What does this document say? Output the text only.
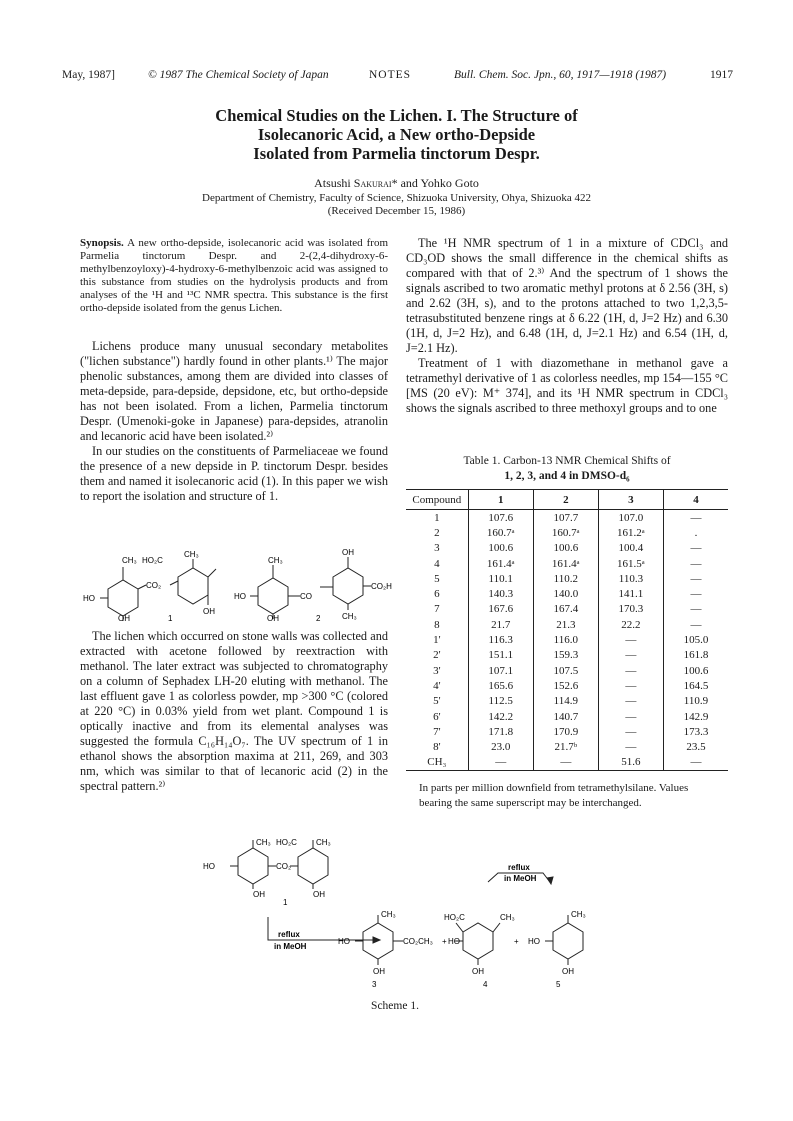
May, 1987]	© 1987 The Chemical Society of Japan	NOTES	Bull. Chem. Soc. Jpn., 60, 1917—1918 (1987)	1917
Chemical Studies on the Lichen. I. The Structure of
Isolecanoric Acid, a New ortho-Depside
Isolated from Parmelia tinctorum Despr.
Atsushi Sakurai* and Yohko Goto
Department of Chemistry, Faculty of Science, Shizuoka University, Ohya, Shizuoka 422
(Received December 15, 1986)
Synopsis. A new ortho-depside, isolecanoric acid was isolated from Parmelia tinctorum Despr. and 2-(2,4-dihydroxy-6-methylbenzoyloxy)-4-hydroxy-6-methylbenzoic acid was assigned to this substance from studies on the hydrolysis products and from analyses of the ¹H and ¹³C NMR spectra. This substance is the first ortho-depside isolated from the genus Lichen.

Lichens produce many unusual secondary metabolites ("lichen substance") hardly found in other plants.¹⁾ The major phenolic substances, among them are divided into classes of meta-depside, para-depside, depsidone, etc, but ortho-depside has not been isolated. From a lichen, Parmelia tinctorum Despr. (Umenoki-goke in Japanese) para-depsides, atranolin and lecanoric acid have been isolated.²⁾

In our studies on the constituents of Parmeliaceae we found the presence of a new depside in P. tinctorum Despr. besides them and named it isolecanoric acid (1). In this paper we wish to report the isolation and structure of 1.

CH₃ HO₂C
CH₃
CO₂
HO
OH
OH
1
CH₃
CO
OH
CO₂H
CH₃
HO
OH	2

The lichen which occurred on stone walls was collected and extracted with acetone followed by reextraction with methanol. The later extract was subjected to chromatography on a column of Sephadex LH-20 eluting with methanol. The last effluent gave 1 as colorless powder, mp >300 °C (colored at 220 °C) in 0.03% yield from wet plant. Compound 1 is optically inactive and from its elemental analyses was suggested the formula C₁₆H₁₄O₇. The UV spectrum of 1 in ethanol shows the absorption maxima at 211, 269, and 303 nm, which was similar to that of lecanoric acid (2) in the spectral pattern.²⁾

The ¹H NMR spectrum of 1 in a mixture of CDCl₃ and CD₃OD shows the small difference in the chemical shifts as compared with that of 2.³⁾ And the spectrum of 1 shows the signals ascribed to two aromatic methyl protons at δ 2.56 (3H, s) and 2.62 (3H, s), and to the protons attached to two 1,2,3,5-tetrasubstituted benzene rings at δ 6.22 (1H, d, J=2 Hz) and 6.30 (1H, d, J=2 Hz), and 6.48 (1H, d, J=2.1 Hz) and 6.54 (1H, d, J=2.1 Hz).

Treatment of 1 with diazomethane in methanol gave a tetramethyl derivative of 1 as colorless needles, mp 154—155 °C [MS (20 eV): M⁺ 374], and its ¹H NMR spectrum in CDCl₃ shows the signals ascribed to three methoxyl groups and to one

Table 1. Carbon-13 NMR Chemical Shifts of
1, 2, 3, and 4 in DMSO-d₆
Compound	1	2	3	4
1	107.6	107.7	107.0	—
2	160.7ᵃ	160.7ᵃ	161.2ᵃ	.
3	100.6	100.6	100.4	—
4	161.4ᵃ	161.4ᵃ	161.5ᵃ	—
5	110.1	110.2	110.3	—
6	140.3	140.0	141.1	—
7	167.6	167.4	170.3	—
8	21.7	21.3	22.2	—
1'	116.3	116.0	—	105.0
2'	151.1	159.3	—	161.8
3'	107.1	107.5	—	100.6
4'	165.6	152.6	—	164.5
5'	112.5	114.9	—	110.9
6'	142.2	140.7	—	142.9
7'	171.8	170.9	—	173.3
8'	23.0	21.7ᵇ	—	23.5
CH₃	—	—	51.6	—
In parts per million downfield from tetramethylsilane. Values bearing the same superscript may be interchanged.
CH₃ HO₂C CH₃
CO₂
HO
OH	OH
1
reflux
in MeOH
reflux
in MeOH
CH₃
CO₂CH₃ +
HO
OH
3
HO₂C	CH₃
HO
OH
4
+ HO
CH₃
OH
5
Scheme 1.
